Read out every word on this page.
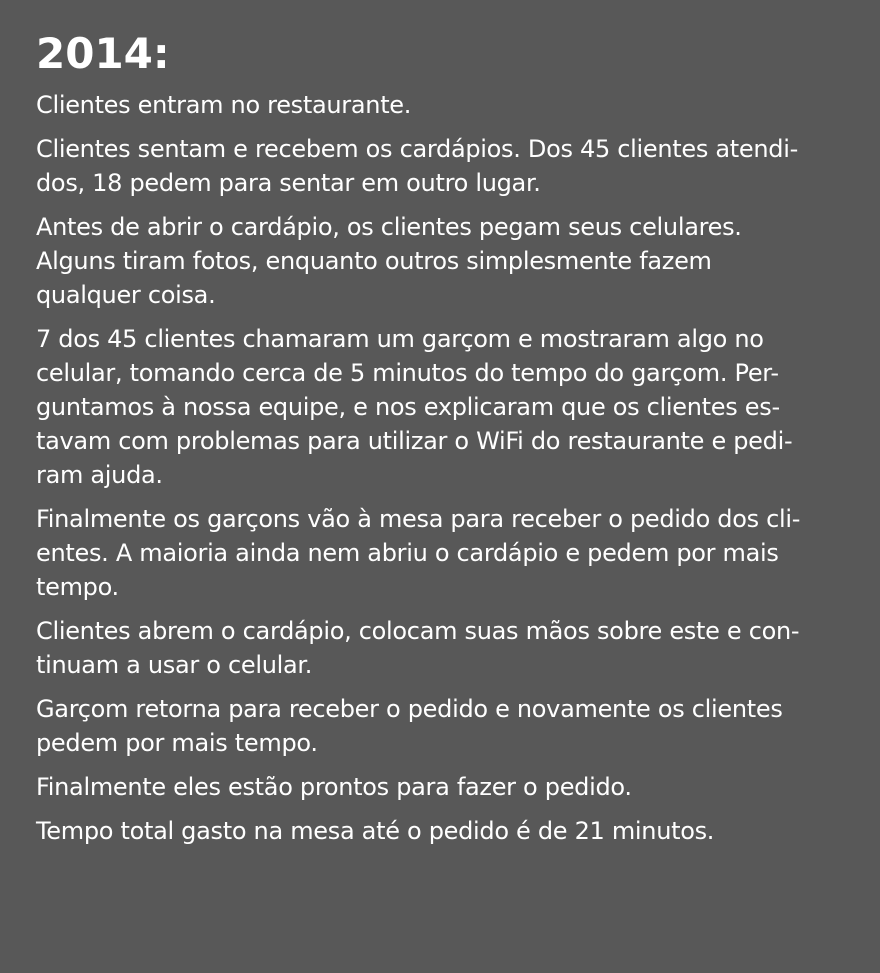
2014:
Clientes entram no restaurante.
Clientes sentam e recebem os cardápios. Dos 45 clientes atendi-
dos, 18 pedem para sentar em outro lugar.
Antes de abrir o cardápio, os clientes pegam seus celulares.
Alguns tiram fotos, enquanto outros simplesmente fazem
qualquer coisa.
7 dos 45 clientes chamaram um garçom e mostraram algo no
celular, tomando cerca de 5 minutos do tempo do garçom. Per-
guntamos à nossa equipe, e nos explicaram que os clientes es-
tavam com problemas para utilizar o WiFi do restaurante e pedi-
ram ajuda.
Finalmente os garçons vão à mesa para receber o pedido dos cli-
entes. A maioria ainda nem abriu o cardápio e pedem por mais
tempo.
Clientes abrem o cardápio, colocam suas mãos sobre este e con-
tinuam a usar o celular.
Garçom retorna para receber o pedido e novamente os clientes
pedem por mais tempo.
Finalmente eles estão prontos para fazer o pedido.
Tempo total gasto na mesa até o pedido é de 21 minutos.
